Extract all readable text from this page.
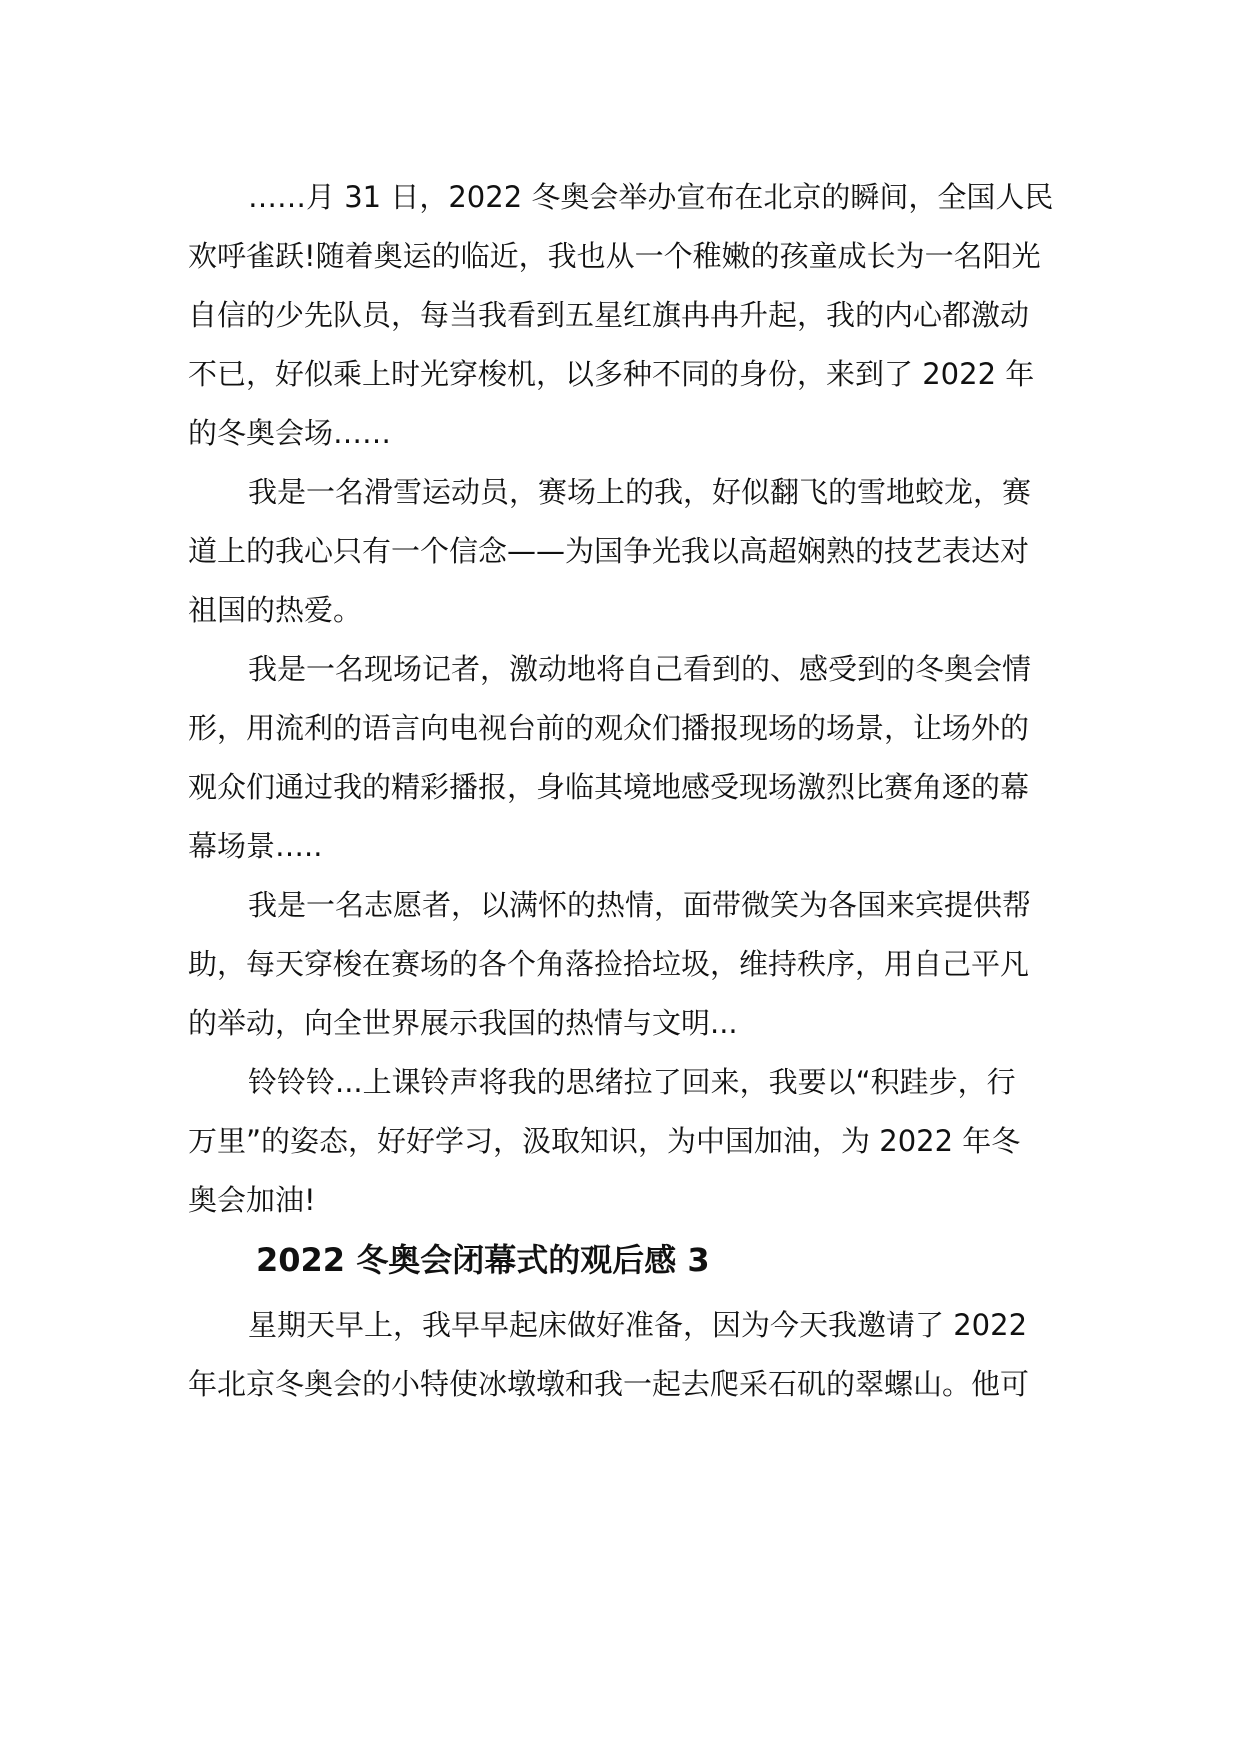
……月 31 日，2022 冬奥会举办宣布在北京的瞬间，全国人民
欢呼雀跃!随着奥运的临近，我也从一个稚嫩的孩童成长为一名阳光
自信的少先队员，每当我看到五星红旗冉冉升起，我的内心都激动
不已，好似乘上时光穿梭机，以多种不同的身份，来到了 2022 年
的冬奥会场……
我是一名滑雪运动员，赛场上的我，好似翻飞的雪地蛟龙，赛
道上的我心只有一个信念——为国争光我以高超娴熟的技艺表达对
祖国的热爱。
我是一名现场记者，激动地将自己看到的、感受到的冬奥会情
形，用流利的语言向电视台前的观众们播报现场的场景，让场外的
观众们通过我的精彩播报，身临其境地感受现场激烈比赛角逐的幕
幕场景…..
我是一名志愿者，以满怀的热情，面带微笑为各国来宾提供帮
助，每天穿梭在赛场的各个角落捡拾垃圾，维持秩序，用自己平凡
的举动，向全世界展示我国的热情与文明...
铃铃铃...上课铃声将我的思绪拉了回来，我要以“积跬步，行
万里”的姿态，好好学习，汲取知识，为中国加油，为 2022 年冬
奥会加油!
2022 冬奥会闭幕式的观后感 3
星期天早上，我早早起床做好准备，因为今天我邀请了 2022
年北京冬奥会的小特使冰墩墩和我一起去爬采石矶的翠螺山。他可
